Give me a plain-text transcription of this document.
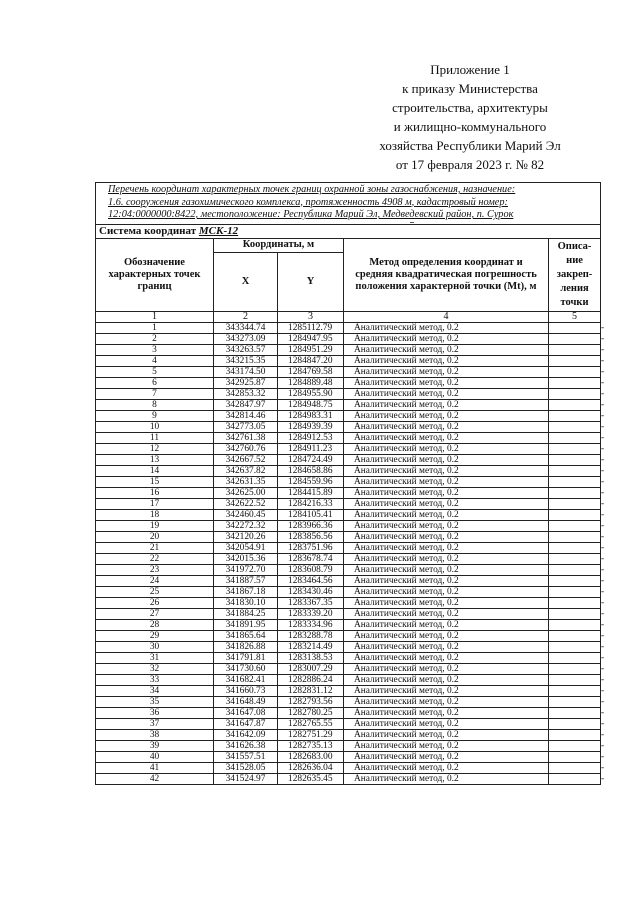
Приложение 1
к приказу Министерства
строительства, архитектуры
и жилищно-коммунального
хозяйства Республики Марий Эл
от 17 февраля 2023 г. № 82
Перечень координат характерных точек границ охранной зоны газоснабжения, назначение:
1.6. сооружения газохимического комплекса, протяженность 4908 м, кадастровый номер:
12:04:0000000:8422, местоположение: Республика Марий Эл, Медведевский район, п. Сурок				

Система координат МСК-12				
Обозначение характерных точек границ	Координаты, м		Метод определения координат и средняя квадратическая погрешность положения характерной точки (Mt), м	Описа-
ние
закреп-
ления
точки
	X	Y		
1	2	3	4	5
1	343344.74	1285112.79	Аналитический метод, 0.2	-
2	343273.09	1284947.95	Аналитический метод, 0.2	-
3	343263.57	1284951.29	Аналитический метод, 0.2	-
4	343215.35	1284847.20	Аналитический метод, 0.2	-
5	343174.50	1284769.58	Аналитический метод, 0.2	-
6	342925.87	1284889.48	Аналитический метод, 0.2	-
7	342853.32	1284955.90	Аналитический метод, 0.2	-
8	342847.97	1284948.75	Аналитический метод, 0.2	-
9	342814.46	1284983.31	Аналитический метод, 0.2	-
10	342773.05	1284939.39	Аналитический метод, 0.2	-
11	342761.38	1284912.53	Аналитический метод, 0.2	-
12	342760.76	1284911.23	Аналитический метод, 0.2	-
13	342667.52	1284724.49	Аналитический метод, 0.2	-
14	342637.82	1284658.86	Аналитический метод, 0.2	-
15	342631.35	1284559.96	Аналитический метод, 0.2	-
16	342625.00	1284415.89	Аналитический метод, 0.2	-
17	342622.52	1284216.33	Аналитический метод, 0.2	-
18	342460.45	1284105.41	Аналитический метод, 0.2	-
19	342272.32	1283966.36	Аналитический метод, 0.2	-
20	342120.26	1283856.56	Аналитический метод, 0.2	-
21	342054.91	1283751.96	Аналитический метод, 0.2	-
22	342015.36	1283678.74	Аналитический метод, 0.2	-
23	341972.70	1283608.79	Аналитический метод, 0.2	-
24	341887.57	1283464.56	Аналитический метод, 0.2	-
25	341867.18	1283430.46	Аналитический метод, 0.2	-
26	341830.10	1283367.35	Аналитический метод, 0.2	-
27	341884.25	1283339.20	Аналитический метод, 0.2	-
28	341891.95	1283334.96	Аналитический метод, 0.2	-
29	341865.64	1283288.78	Аналитический метод, 0.2	-
30	341826.88	1283214.49	Аналитический метод, 0.2	-
31	341791.81	1283138.53	Аналитический метод, 0.2	-
32	341730.60	1283007.29	Аналитический метод, 0.2	-
33	341682.41	1282886.24	Аналитический метод, 0.2	-
34	341660.73	1282831.12	Аналитический метод, 0.2	-
35	341648.49	1282793.56	Аналитический метод, 0.2	-
36	341647.08	1282780.25	Аналитический метод, 0.2	-
37	341647.87	1282765.55	Аналитический метод, 0.2	-
38	341642.09	1282751.29	Аналитический метод, 0.2	-
39	341626.38	1282735.13	Аналитический метод, 0.2	-
40	341557.51	1282683.00	Аналитический метод, 0.2	-
41	341528.05	1282636.04	Аналитический метод, 0.2	-
42	341524.97	1282635.45	Аналитический метод, 0.2	-
